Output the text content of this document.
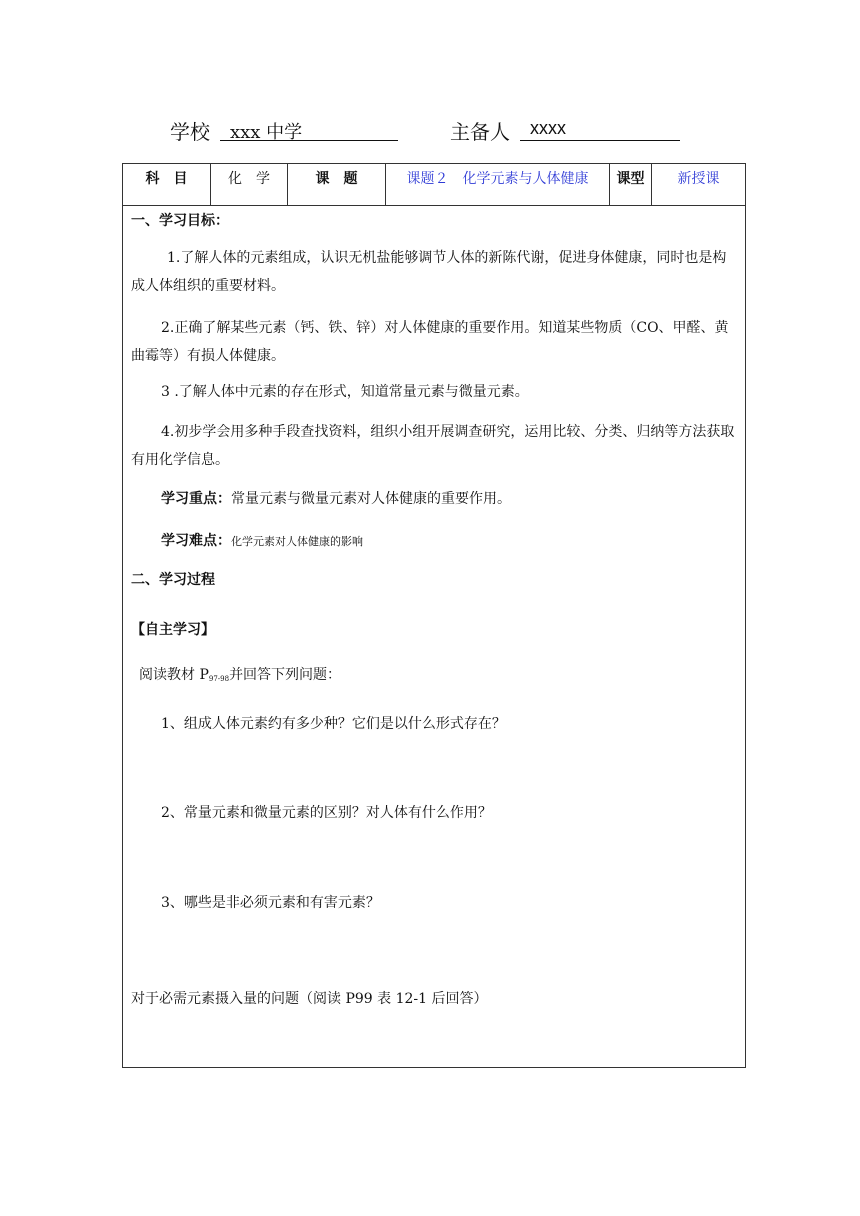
学校	xxx 中学	主备人	xxxx
科　目	化　学	课　题	课题２　化学元素与人体健康	课型	新授课
一、学习目标：
1.了解人体的元素组成，认识无机盐能够调节人体的新陈代谢，促进身体健康，同时也是构成人体组织的重要材料。
2.正确了解某些元素（钙、铁、锌）对人体健康的重要作用。知道某些物质（CO、甲醛、黄曲霉等）有损人体健康。
3 .了解人体中元素的存在形式，知道常量元素与微量元素。
4.初步学会用多种手段查找资料，组织小组开展调查研究，运用比较、分类、归纳等方法获取有用化学信息。
学习重点：常量元素与微量元素对人体健康的重要作用。
学习难点：化学元素对人体健康的影响
二、学习过程
【自主学习】
阅读教材 $P_{97-98}$并回答下列问题：
1、组成人体元素约有多少种？它们是以什么形式存在？
2、常量元素和微量元素的区别？对人体有什么作用？
3、哪些是非必须元素和有害元素？
对于必需元素摄入量的问题（阅读 P99 表 12-1 后回答）
